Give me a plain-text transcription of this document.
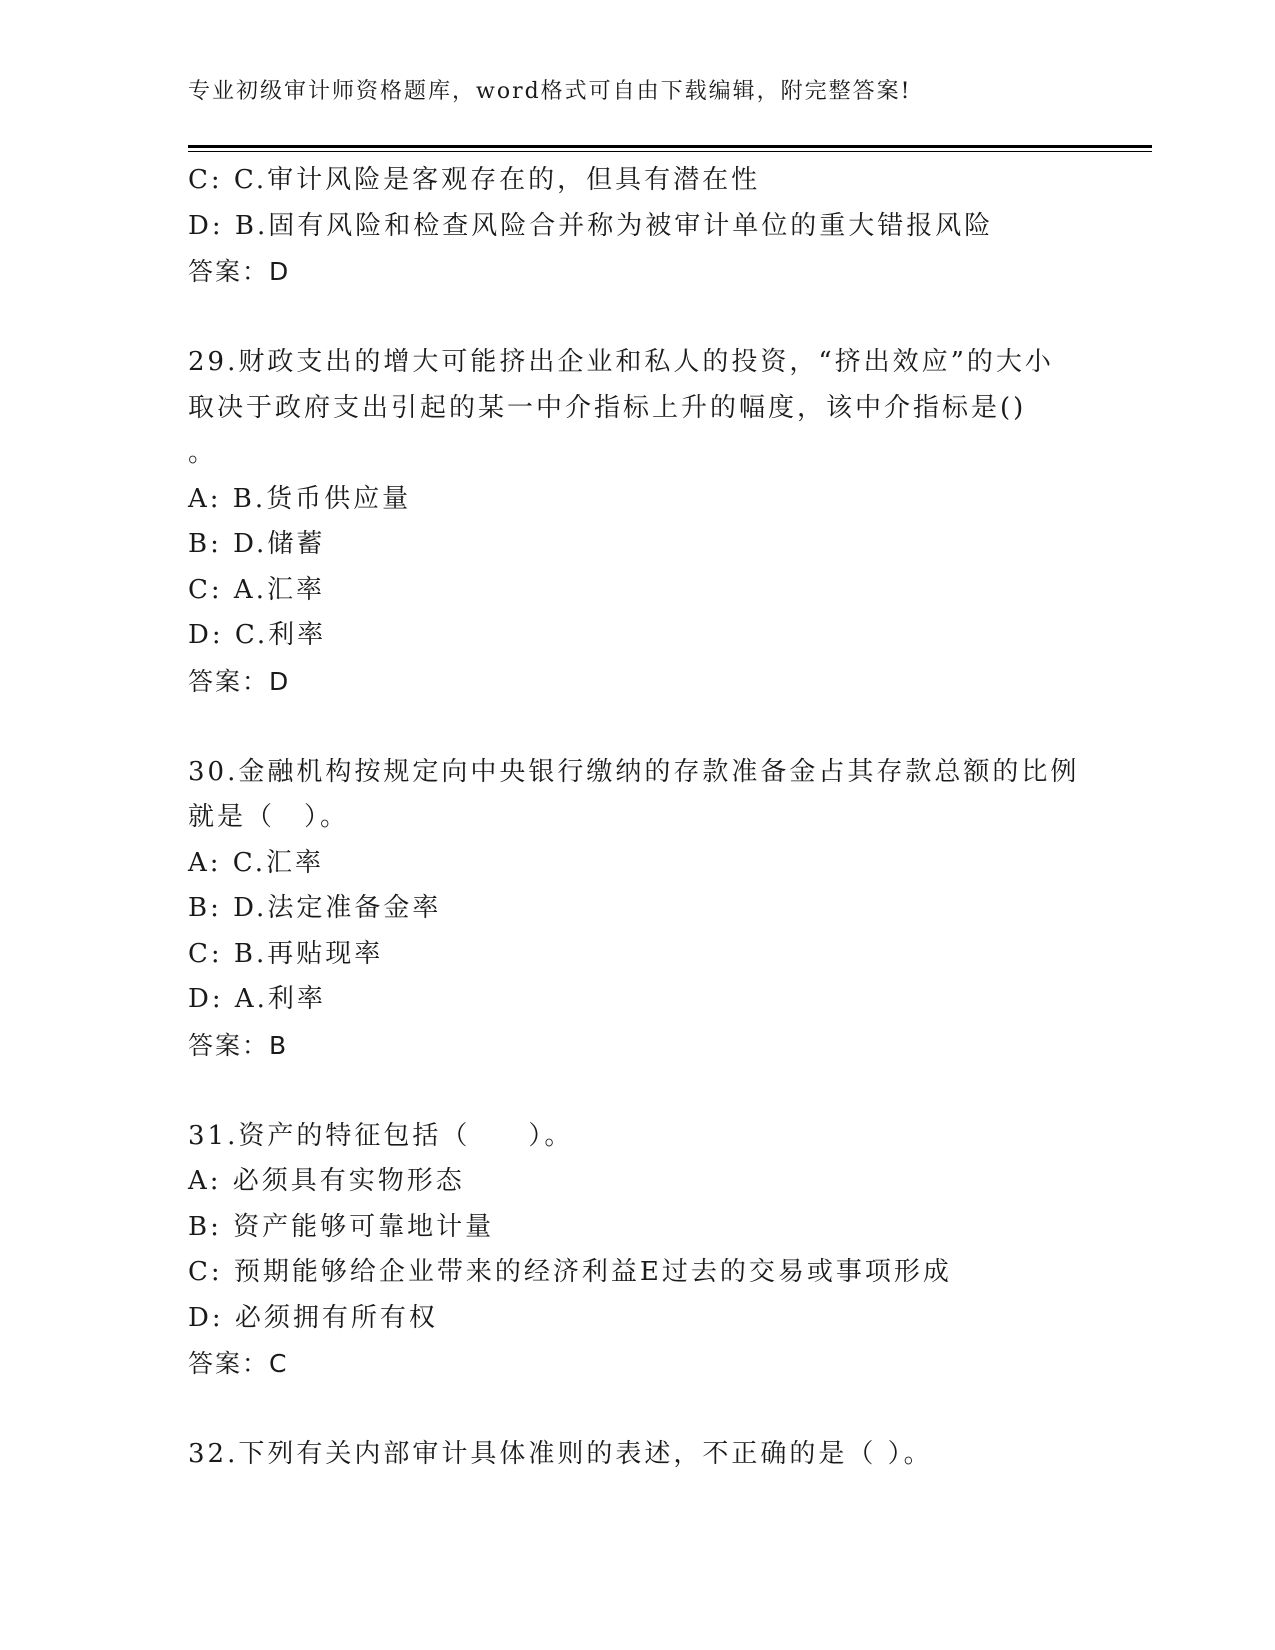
专业初级审计师资格题库，word格式可自由下载编辑，附完整答案!
C: C.审计风险是客观存在的，但具有潜在性
D: B.固有风险和检查风险合并称为被审计单位的重大错报风险
答案：D
29.财政支出的增大可能挤出企业和私人的投资，“挤出效应”的大小
取决于政府支出引起的某一中介指标上升的幅度，该中介指标是()
。
A: B.货币供应量
B: D.储蓄
C: A.汇率
D: C.利率
答案：D
30.金融机构按规定向中央银行缴纳的存款准备金占其存款总额的比例
就是（　）。
A: C.汇率
B: D.法定准备金率
C: B.再贴现率
D: A.利率
答案：B
31.资产的特征包括（　　）。
A: 必须具有实物形态
B: 资产能够可靠地计量
C: 预期能够给企业带来的经济利益E过去的交易或事项形成
D: 必须拥有所有权
答案：C
32.下列有关内部审计具体准则的表述，不正确的是（ ）。
